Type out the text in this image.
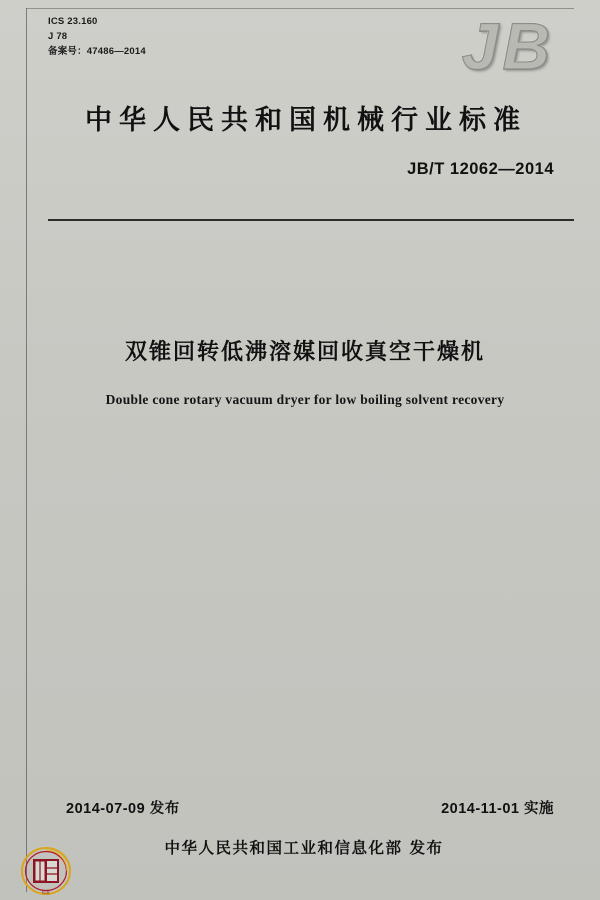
ICS 23.160
J 78
备案号：47486—2014	JB
中华人民共和国机械行业标准
JB/T 12062—2014
双锥回转低沸溶媒回收真空干燥机
Double cone rotary vacuum dryer for low boiling solvent recovery
2014-07-09 发布	2014-11-01 实施
中华人民共和国工业和信息化部 发布
标准
